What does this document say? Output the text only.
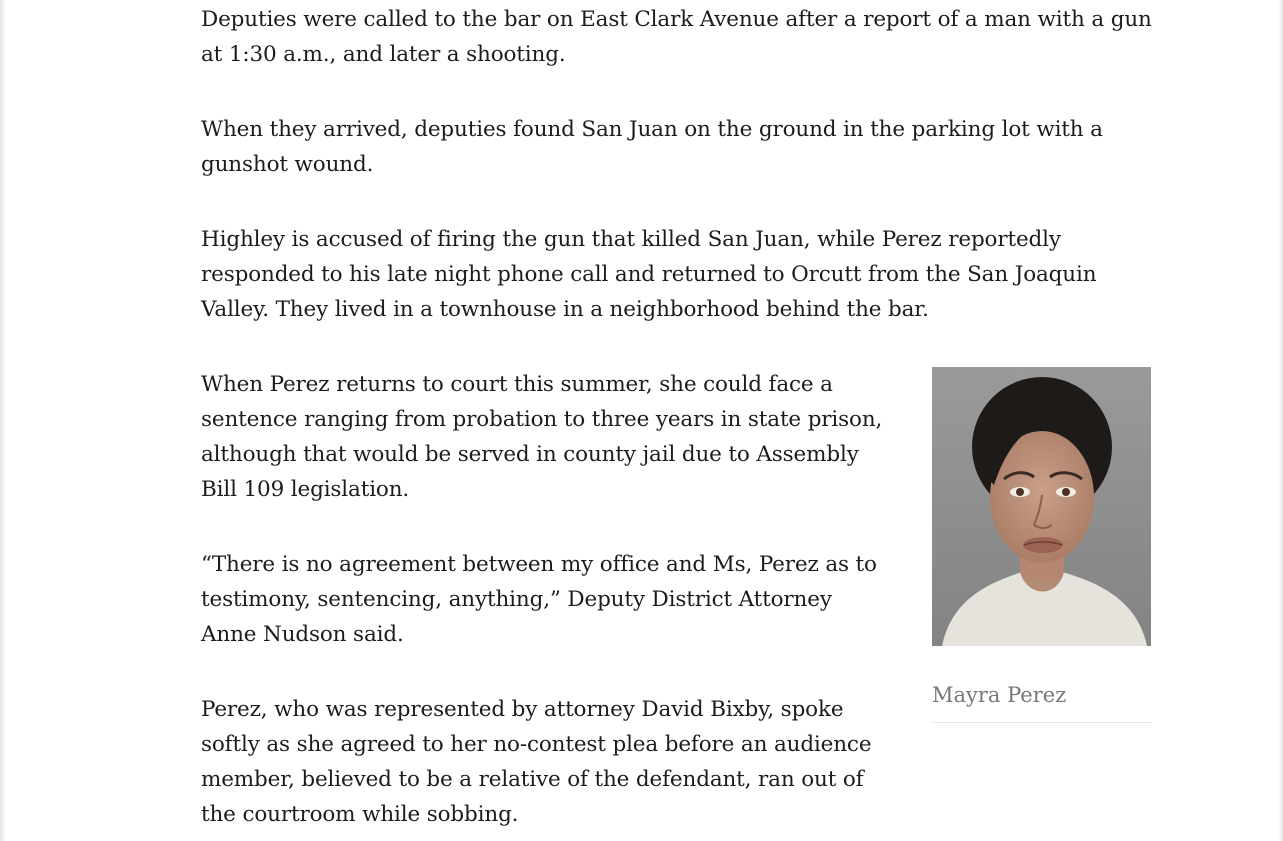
Deputies were called to the bar on East Clark Avenue after a report of a man with a gun
at 1:30 a.m., and later a shooting.
When they arrived, deputies found San Juan on the ground in the parking lot with a
gunshot wound.
Highley is accused of firing the gun that killed San Juan, while Perez reportedly
responded to his late night phone call and returned to Orcutt from the San Joaquin
Valley. They lived in a townhouse in a neighborhood behind the bar.
When Perez returns to court this summer, she could face a
sentence ranging from probation to three years in state prison,
although that would be served in county jail due to Assembly
Bill 109 legislation.
“There is no agreement between my office and Ms, Perez as to
testimony, sentencing, anything,” Deputy District Attorney
Anne Nudson said.
Perez, who was represented by attorney David Bixby, spoke
softly as she agreed to her no-contest plea before an audience
member, believed to be a relative of the defendant, ran out of
the courtroom while sobbing.
Mayra Perez
